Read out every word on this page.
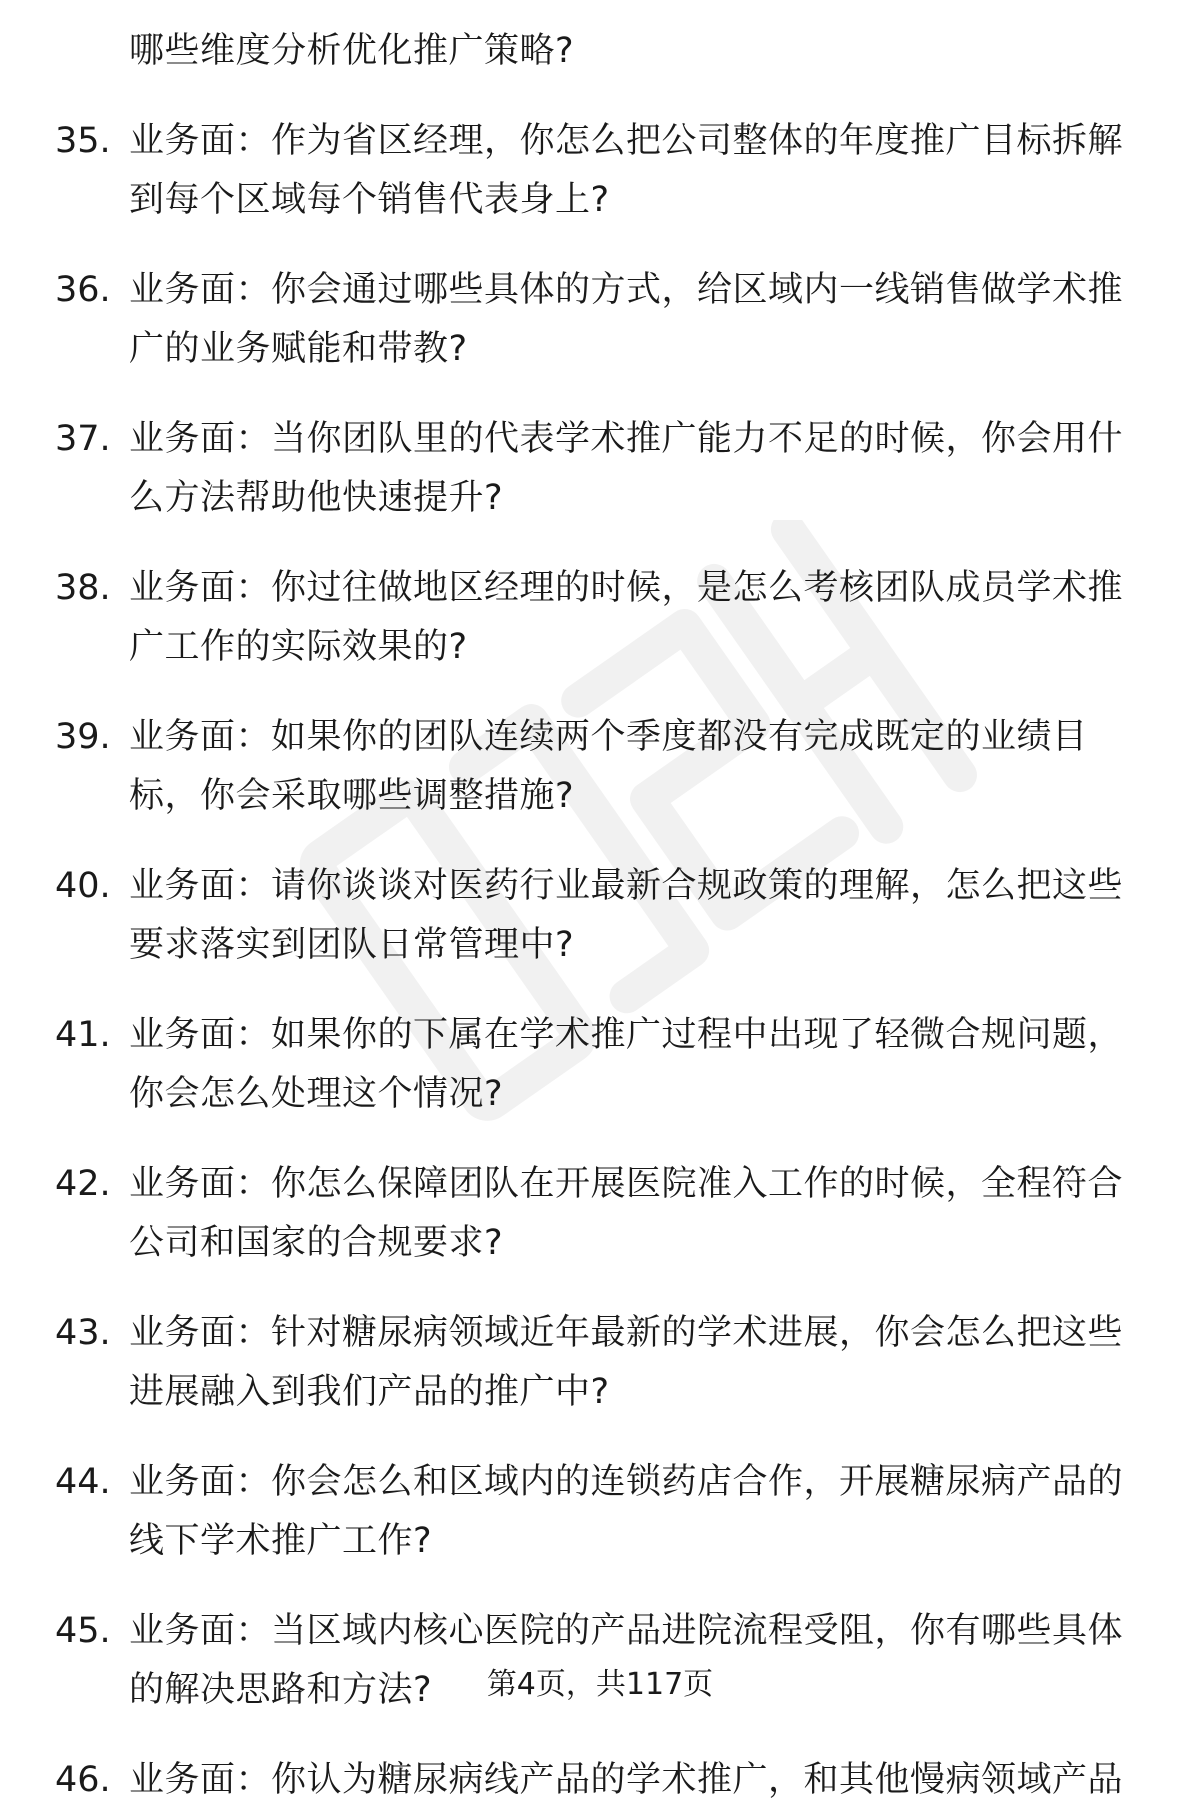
哪些维度分析优化推广策略?
35. 业务面：作为省区经理，你怎么把公司整体的年度推广目标拆解
到每个区域每个销售代表身上?
36. 业务面：你会通过哪些具体的方式，给区域内一线销售做学术推
广的业务赋能和带教?
37. 业务面：当你团队里的代表学术推广能力不足的时候，你会用什
么方法帮助他快速提升?
38. 业务面：你过往做地区经理的时候，是怎么考核团队成员学术推
广工作的实际效果的?
39. 业务面：如果你的团队连续两个季度都没有完成既定的业绩目
标，你会采取哪些调整措施?
40. 业务面：请你谈谈对医药行业最新合规政策的理解，怎么把这些
要求落实到团队日常管理中?
41. 业务面：如果你的下属在学术推广过程中出现了轻微合规问题，
你会怎么处理这个情况?
42. 业务面：你怎么保障团队在开展医院准入工作的时候，全程符合
公司和国家的合规要求?
43. 业务面：针对糖尿病领域近年最新的学术进展，你会怎么把这些
进展融入到我们产品的推广中?
44. 业务面：你会怎么和区域内的连锁药店合作，开展糖尿病产品的
线下学术推广工作?
45. 业务面：当区域内核心医院的产品进院流程受阻，你有哪些具体
的解决思路和方法?
46. 业务面：你认为糖尿病线产品的学术推广，和其他慢病领域产品
第4页，共117页
